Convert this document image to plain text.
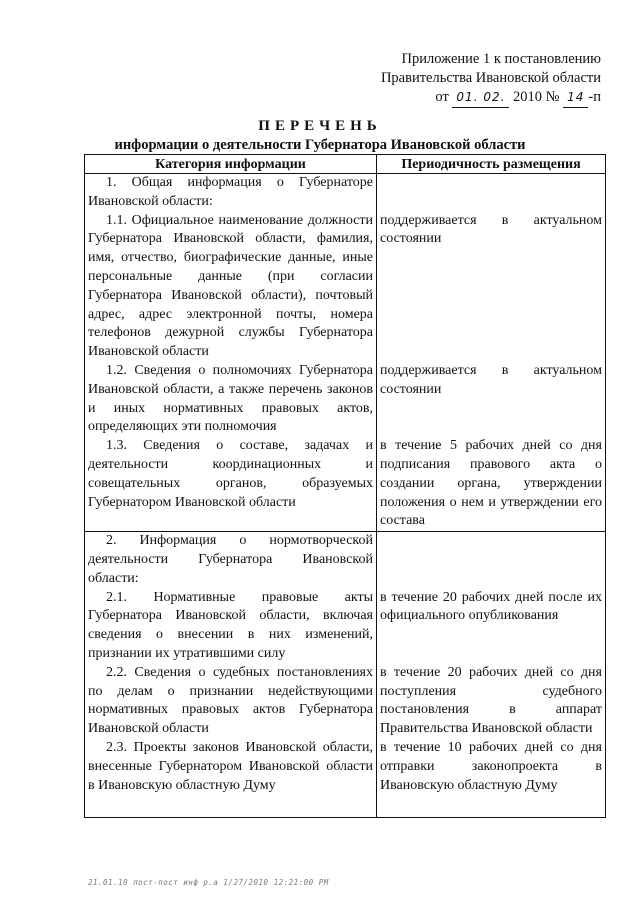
Приложение 1 к постановлению
Правительства Ивановской области
от 01. 02. 2010 № 14 -п
ПЕРЕЧЕНЬ
информации о деятельности Губернатора Ивановской области
Категория информации	Периодичность размещения
1. Общая информация о Губернаторе Ивановской области:	
1.1. Официальное наименование должности Губернатора Ивановской области, фамилия, имя, отчество, биографические данные, иные персональные данные (при согласии Губернатора Ивановской области), почтовый адрес, адрес электронной почты, номера телефонов дежурной службы Губернатора Ивановской области	поддерживается в актуальном состоянии
1.2. Сведения о полномочиях Губернатора Ивановской области, а также перечень законов и иных нормативных правовых актов, определяющих эти полномочия	поддерживается в актуальном состоянии
1.3. Сведения о составе, задачах и деятельности координационных и совещательных органов, образуемых Губернатором Ивановской области	в течение 5 рабочих дней со дня подписания правового акта о создании органа, утверждении положения о нем и утверждении его состава
2. Информация о нормотворческой деятельности Губернатора Ивановской области:	
2.1. Нормативные правовые акты Губернатора Ивановской области, включая сведения о внесении в них изменений, признании их утратившими силу	в течение 20 рабочих дней после их официального опубликования
2.2. Сведения о судебных постановлениях по делам о признании недействующими нормативных правовых актов Губернатора Ивановской области	в течение 20 рабочих дней со дня поступления судебного постановления в аппарат Правительства Ивановской области
2.3. Проекты законов Ивановской области, внесенные Губернатором Ивановской области в Ивановскую областную Думу	в течение 10 рабочих дней со дня отправки законопроекта в Ивановскую областную Думу
21.01.10 пост-пост инф р.а 1/27/2010 12:21:00 PM
